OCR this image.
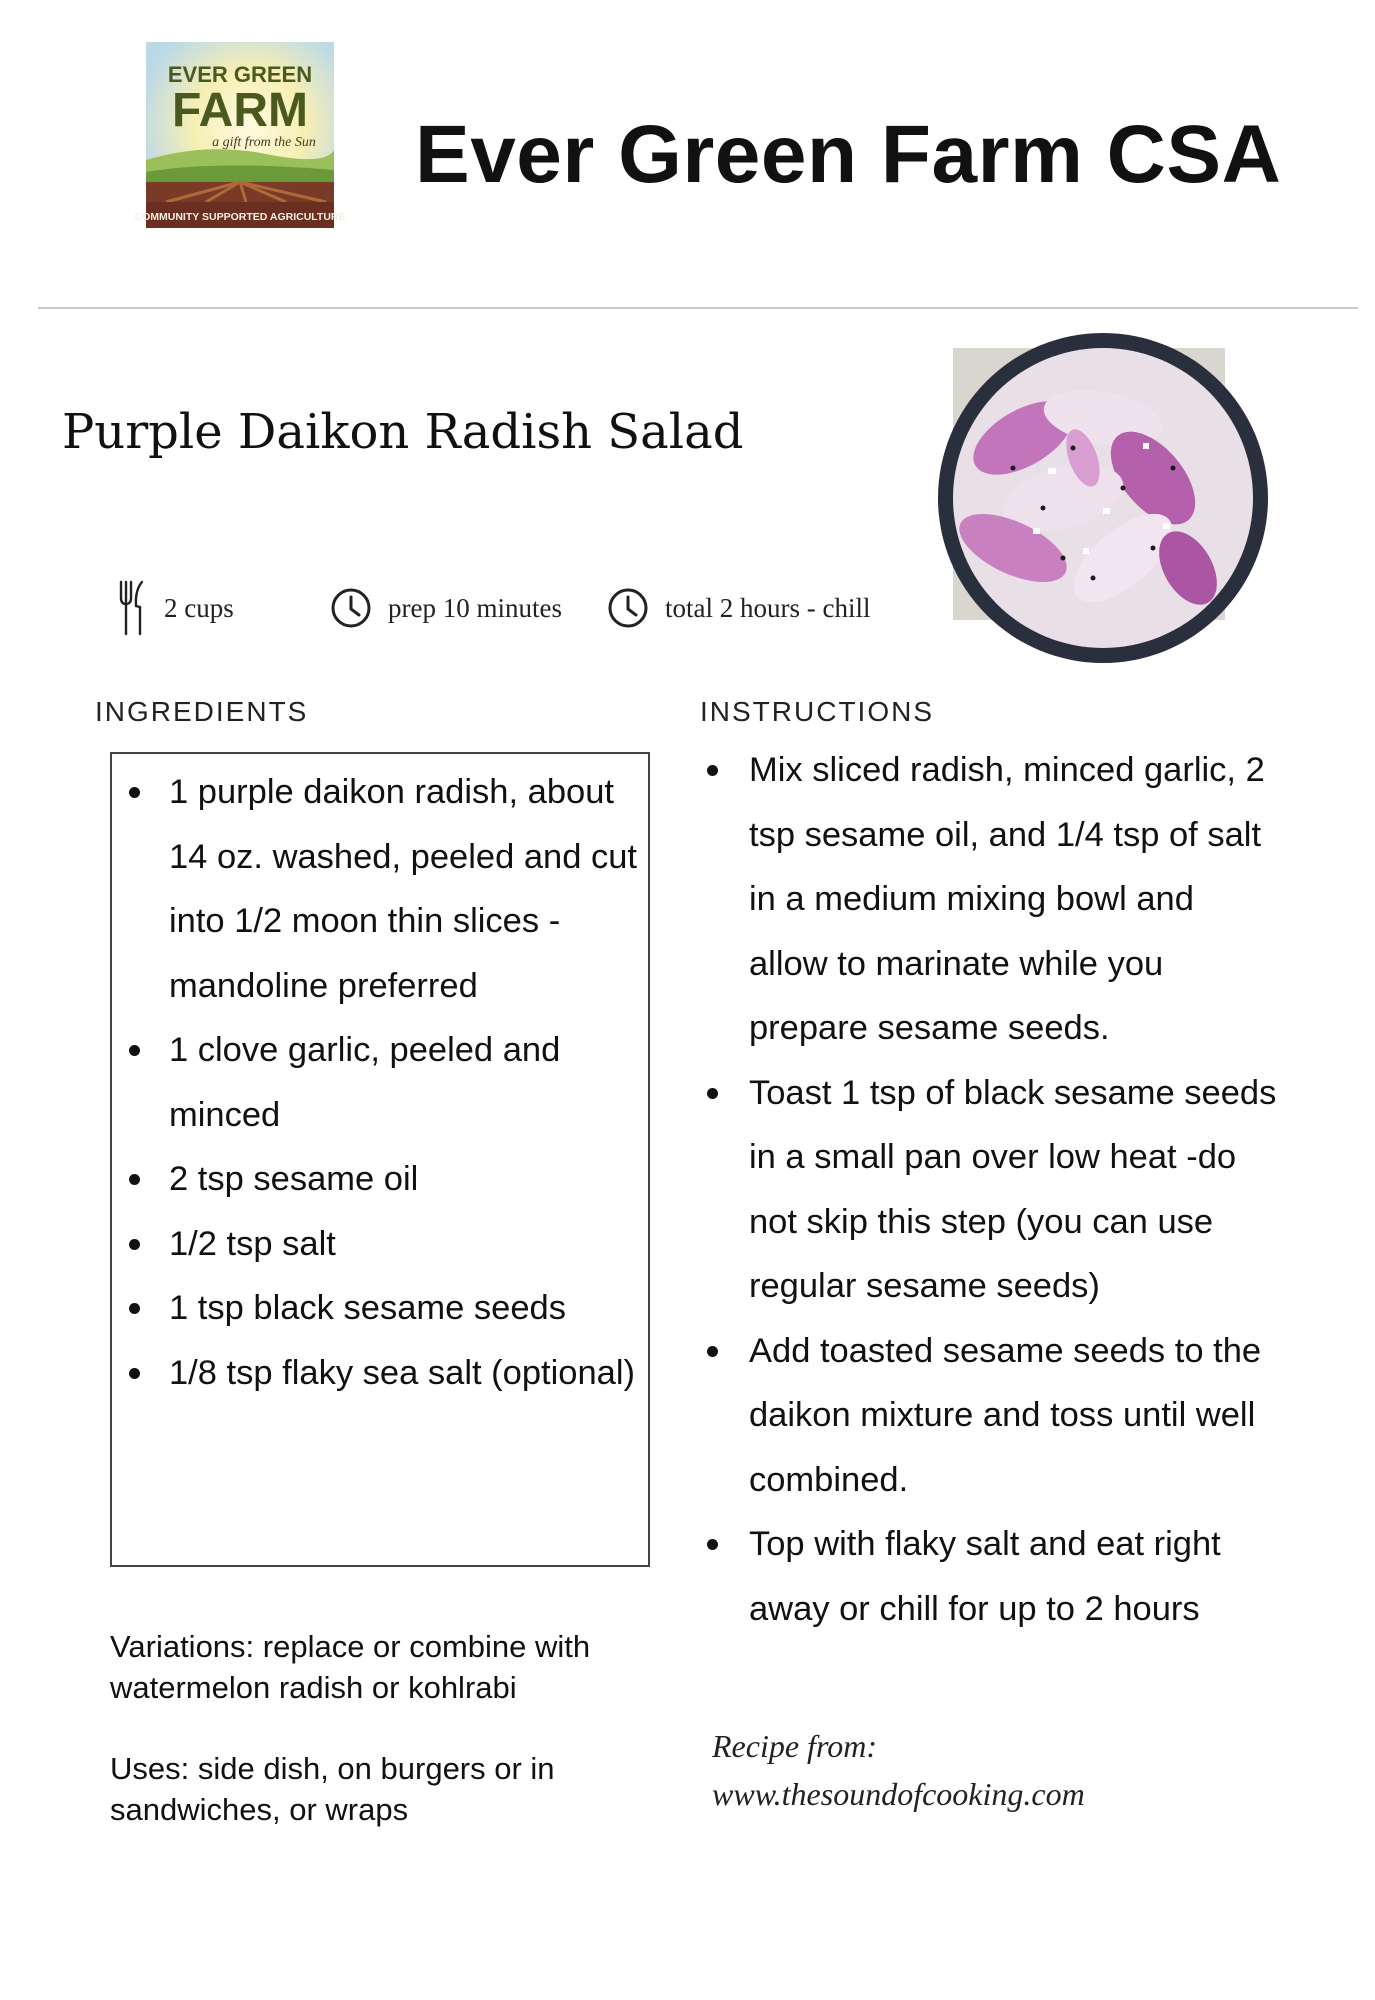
EVER GREEN
FARM
a gift from the Sun
COMMUNITY SUPPORTED AGRICULTURE
Ever Green Farm CSA
Purple Daikon Radish Salad
2 cups	prep 10 minutes	total 2 hours - chill
INGREDIENTS	INSTRUCTIONS
1 purple daikon radish, about 14 oz. washed, peeled and cut into 1/2 moon thin slices - mandoline preferred
1 clove garlic, peeled and minced
2 tsp sesame oil
1/2 tsp salt
1 tsp black sesame seeds
1/8 tsp flaky sea salt (optional)
Mix sliced radish, minced garlic, 2 tsp sesame oil, and 1/4 tsp of salt in a medium mixing bowl and allow to marinate while you prepare sesame seeds.
Toast 1 tsp of black sesame seeds in a small pan over low heat -do not skip this step (you can use regular sesame seeds)
Add toasted sesame seeds to the daikon mixture and toss until well combined.
Top with flaky salt and eat right away or chill for up to 2 hours
Variations: replace or combine with watermelon radish or kohlrabi
Uses: side dish, on burgers or in sandwiches, or wraps
Recipe from:
www.thesoundofcooking.com
